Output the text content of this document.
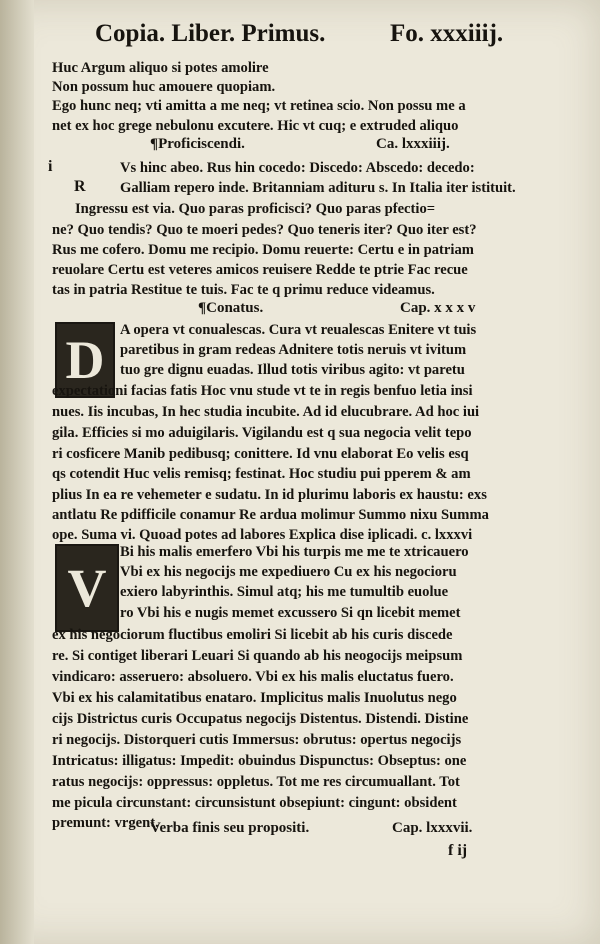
Copia. Liber. Primus.	Fo. xxxiiij.
Huc Argum aliquo si potes amolire
Non possum huc amouere quopiam.
Ego hunc neq; vti amitta a me neq; vt retinea scio. Non possu me a
net ex hoc grege nebulonu excutere. Hic vt cuq; e extruded aliquo
¶Proficiscendi.	Ca. lxxxiiij.
i
R
Vs hinc abeo. Rus hin cocedo: Discedo: Abscedo: decedo:
Galliam repero inde. Britanniam adituru s. In Italia iter istituit.
Ingressu est via. Quo paras proficisci? Quo paras pfectio=
ne? Quo tendis? Quo te moeri pedes? Quo teneris iter? Quo iter est?
Rus me cofero. Domu me recipio. Domu reuerte: Certu e in patriam
reuolare Certu est veteres amicos reuisere Redde te ptrie Fac recue
tas in patria Restitue te tuis. Fac te q primu reduce videamus.
¶Conatus.	Cap. x x x v
D	A opera vt conualescas. Cura vt reualescas Enitere vt tuis
paretibus in gram redeas Adnitere totis neruis vt ivitum
tuo gre dignu euadas. Illud totis viribus agito: vt paretu
expectationi facias fatis Hoc vnu stude vt te in regis benfuo letia insi
nues. Iis incubas, In hec studia incubite. Ad id elucubrare. Ad hoc iui
gila. Efficies si mo aduigilaris. Vigilandu est q sua negocia velit tepo
ri cosficere Manib pedibusq; conittere. Id vnu elaborat Eo velis esq
qs cotendit Huc velis remisq; festinat. Hoc studiu pui pperem & am
plius In ea re vehemeter e sudatu. In id plurimu laboris ex haustu: exs
antlatu Re pdifficile conamur Re ardua molimur Summo nixu Summa
ope. Suma vi. Quoad potes ad labores Explica dise iplicadi. c. lxxxvi
V
Bi his malis emerfero Vbi his turpis me me te xtricauero
Vbi ex his negocijs me expediuero Cu ex his negocioru
exiero labyrinthis. Simul atq; his me tumultib euolue
ro Vbi his e nugis memet excussero Si qn licebit memet
ex his negociorum fluctibus emoliri Si licebit ab his curis discede
re. Si contiget liberari Leuari Si quando ab his neogocijs meipsum
vindicaro: asseruero: absoluero. Vbi ex his malis eluctatus fuero.
Vbi ex his calamitatibus enataro. Implicitus malis Inuolutus nego
cijs Districtus curis Occupatus negocijs Distentus. Distendi. Distine
ri negocijs. Distorqueri cutis Immersus: obrutus: opertus negocijs
Intricatus: illigatus: Impedit: obuindus Dispunctus: Obseptus: one
ratus negocijs: oppressus: oppletus. Tot me res circumuallant. Tot
me picula circunstant: circunsistunt obsepiunt: cingunt: obsident
premunt: vrgent.
Verba finis seu propositi.	Cap. lxxxvii.
f ij
